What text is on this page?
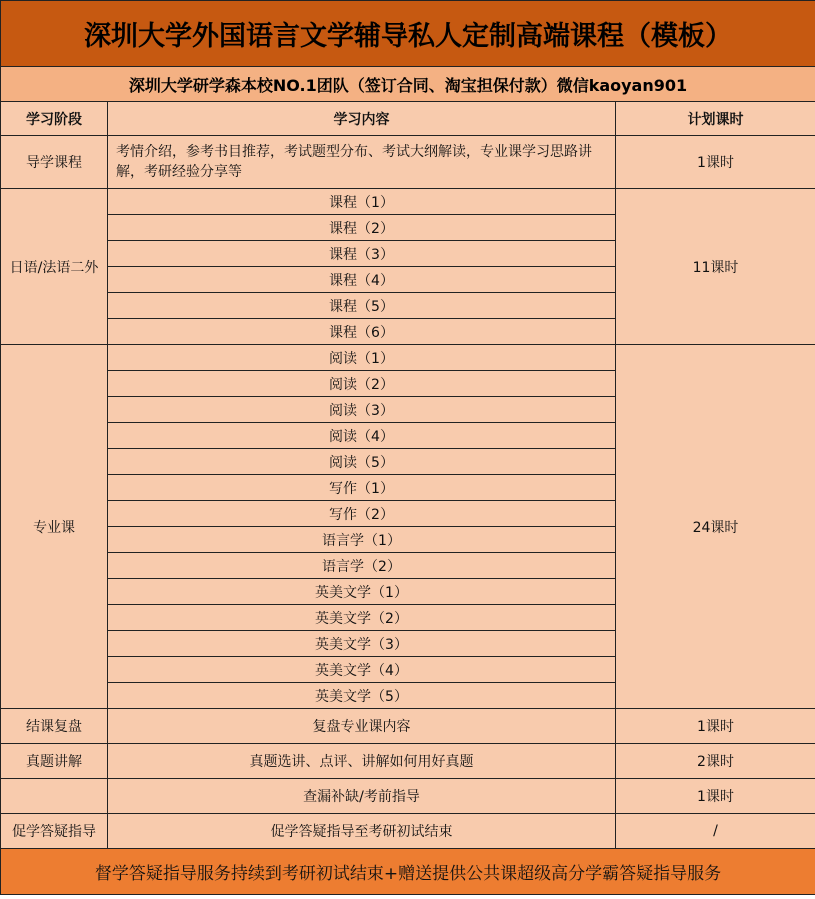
深圳大学外国语言文学辅导私人定制高端课程（模板）		
深圳大学研学森本校NO.1团队（签订合同、淘宝担保付款）微信kaoyan901		
学习阶段	学习内容	计划课时
导学课程	考情介绍，参考书目推荐，考试题型分布、考试大纲解读，专业课学习思路讲解，考研经验分享等	1课时
日语/法语二外	课程（1）	11课时
	课程（2）	
	课程（3）	
	课程（4）	
	课程（5）	
	课程（6）	
专业课	阅读（1）	24课时
	阅读（2）	
	阅读（3）	
	阅读（4）	
	阅读（5）	
	写作（1）	
	写作（2）	
	语言学（1）	
	语言学（2）	
	英美文学（1）	
	英美文学（2）	
	英美文学（3）	
	英美文学（4）	
	英美文学（5）	
结课复盘	复盘专业课内容	1课时
真题讲解	真题选讲、点评、讲解如何用好真题	2课时
	查漏补缺/考前指导	1课时
促学答疑指导	促学答疑指导至考研初试结束	/
督学答疑指导服务持续到考研初试结束+赠送提供公共课超级高分学霸答疑指导服务		
